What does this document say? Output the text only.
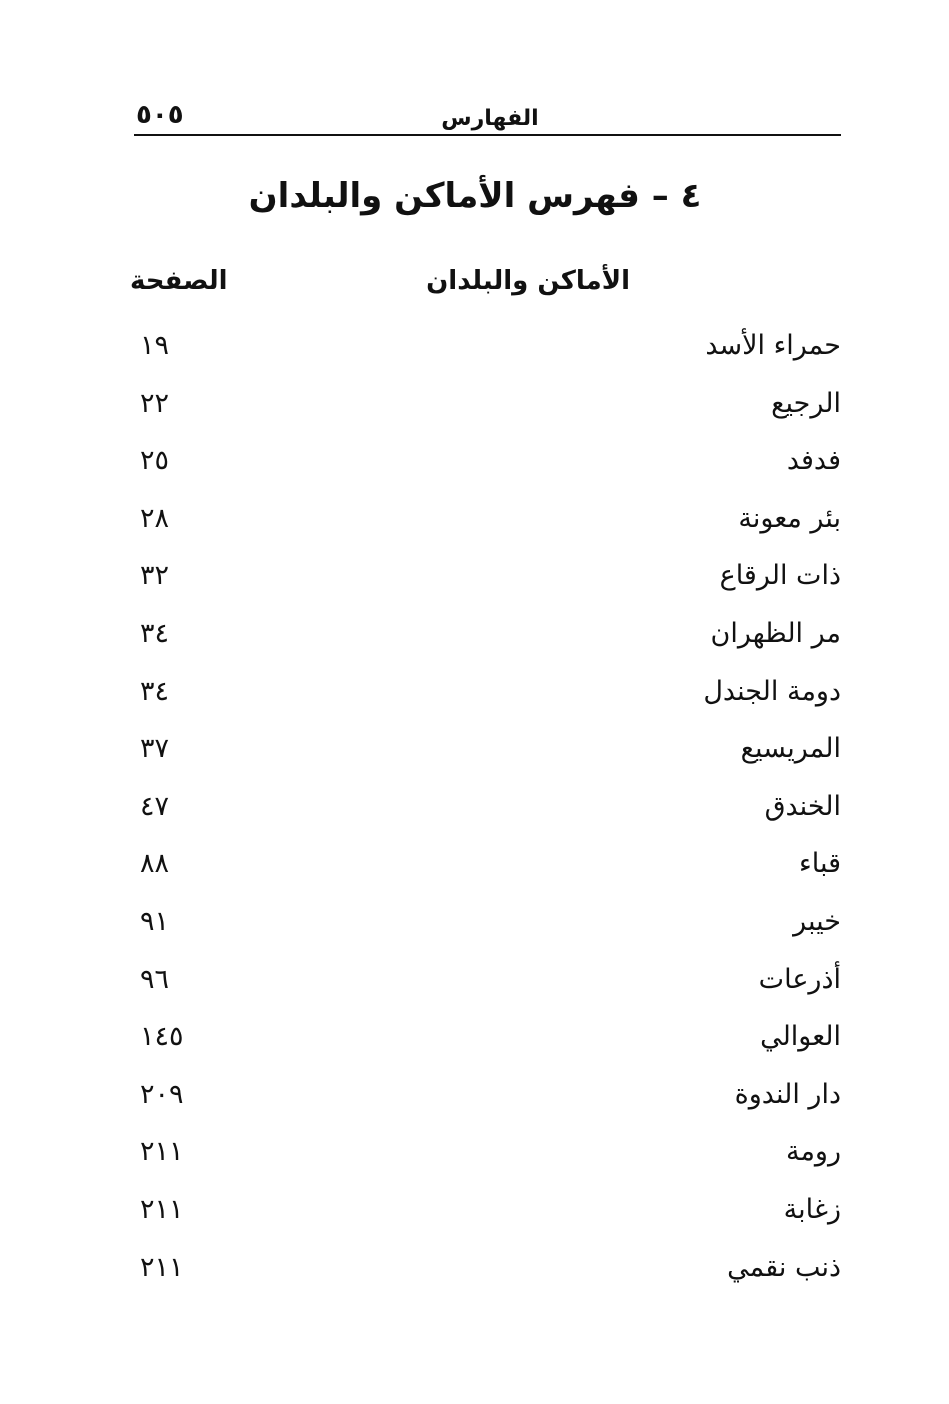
الفهارس
٥٠٥
٤ – فهرس الأماكن والبلدان
الأماكن والبلدان
الصفحة
حمراء الأسد
١٩
الرجيع
٢٢
فدفد
٢٥
بئر معونة
٢٨
ذات الرقاع
٣٢
مر الظهران
٣٤
دومة الجندل
٣٤
المريسيع
٣٧
الخندق
٤٧
قباء
٨٨
خيبر
٩١
أذرعات
٩٦
العوالي
١٤٥
دار الندوة
٢٠٩
رومة
٢١١
زغابة
٢١١
ذنب نقمي
٢١١
